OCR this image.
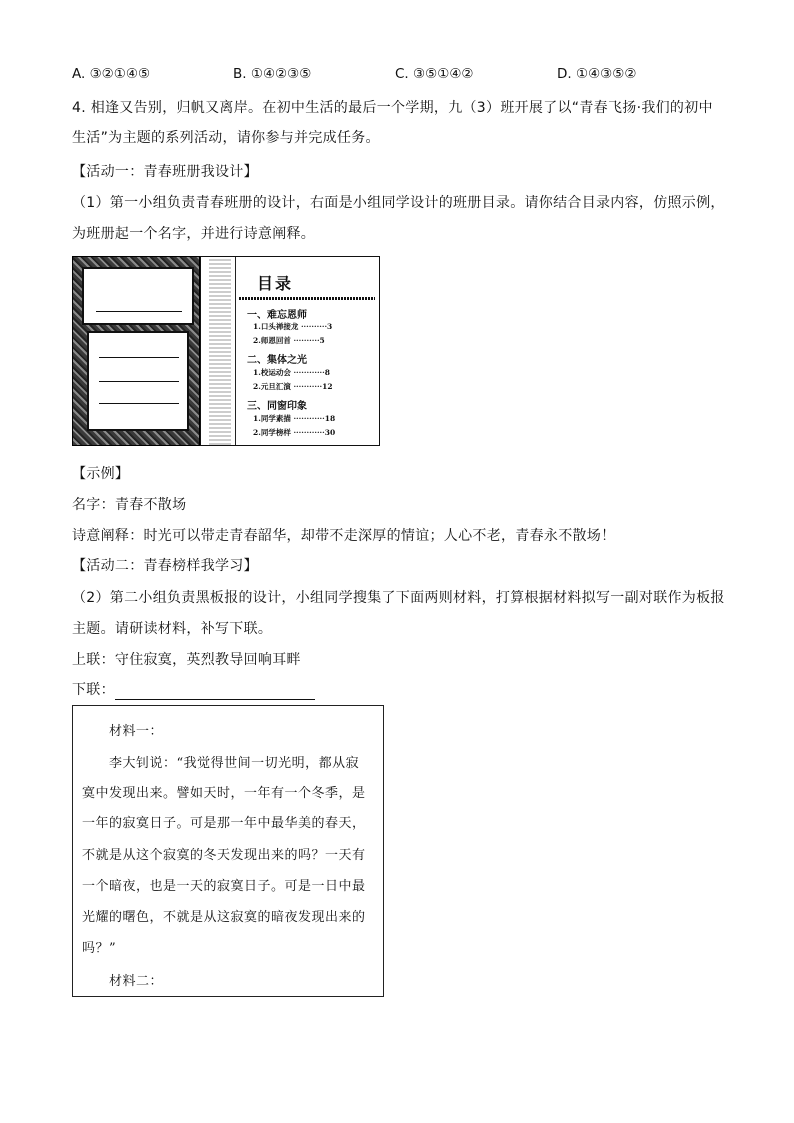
A. ③②①④⑤	B. ①④②③⑤	C. ③⑤①④②	D. ①④③⑤②
4. 相逢又告别，归帆又离岸。在初中生活的最后一个学期，九（3）班开展了以“青春飞扬·我们的初中
生活”为主题的系列活动，请你参与并完成任务。
【活动一：青春班册我设计】
（1）第一小组负责青春班册的设计，右面是小组同学设计的班册目录。请你结合目录内容，仿照示例，
为班册起一个名字，并进行诗意阐释。
目录
一、难忘恩师
1.口头禅接龙 ··········3
2.师恩回首 ··········5
二、集体之光
1.校运动会 ············8
2.元旦汇演 ···········12
三、同窗印象
1.同学素描 ············18
2.同学榜样 ············30
【示例】
名字：青春不散场
诗意阐释：时光可以带走青春韶华，却带不走深厚的情谊；人心不老，青春永不散场！
【活动二：青春榜样我学习】
（2）第二小组负责黑板报的设计，小组同学搜集了下面两则材料，打算根据材料拟写一副对联作为板报
主题。请研读材料，补写下联。
上联：守住寂寞，英烈教导回响耳畔
下联：
材料一：
李大钊说：“我觉得世间一切光明，都从寂
寞中发现出来。譬如天时，一年有一个冬季，是
一年的寂寞日子。可是那一年中最华美的春天，
不就是从这个寂寞的冬天发现出来的吗？一天有
一个暗夜，也是一天的寂寞日子。可是一日中最
光耀的曙色，不就是从这寂寞的暗夜发现出来的
吗？”
材料二：
